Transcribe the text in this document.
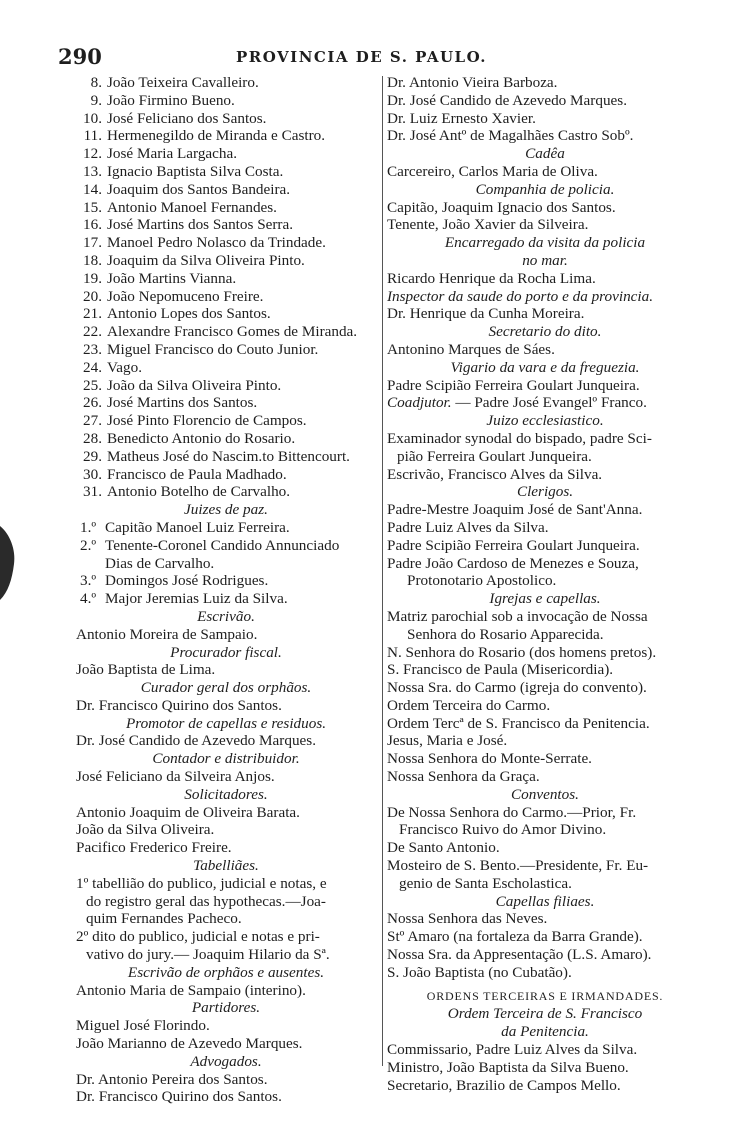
290	PROVINCIA DE S. PAULO.
8. João Teixeira Cavalleiro.
9. João Firmino Bueno.
10. José Feliciano dos Santos.
11. Hermenegildo de Miranda e Castro.
12. José Maria Largacha.
13. Ignacio Baptista Silva Costa.
14. Joaquim dos Santos Bandeira.
15. Antonio Manoel Fernandes.
16. José Martins dos Santos Serra.
17. Manoel Pedro Nolasco da Trindade.
18. Joaquim da Silva Oliveira Pinto.
19. João Martins Vianna.
20. João Nepomuceno Freire.
21. Antonio Lopes dos Santos.
22. Alexandre Francisco Gomes de Miranda.
23. Miguel Francisco do Couto Junior.
24. Vago.
25. João da Silva Oliveira Pinto.
26. José Martins dos Santos.
27. José Pinto Florencio de Campos.
28. Benedicto Antonio do Rosario.
29. Matheus José do Nascim.to Bittencourt.
30. Francisco de Paula Madhado.
31. Antonio Botelho de Carvalho.
Juizes de paz.
1.º Capitão Manoel Luiz Ferreira.
2.º Tenente-Coronel Candido Annunciado
Dias de Carvalho.
3.º Domingos José Rodrigues.
4.º Major Jeremias Luiz da Silva.
Escrivão.
Antonio Moreira de Sampaio.
Procurador fiscal.
João Baptista de Lima.
Curador geral dos orphãos.
Dr. Francisco Quirino dos Santos.
Promotor de capellas e residuos.
Dr. José Candido de Azevedo Marques.
Contador e distribuidor.
José Feliciano da Silveira Anjos.
Solicitadores.
Antonio Joaquim de Oliveira Barata.
João da Silva Oliveira.
Pacifico Frederico Freire.
Tabelliães.
1º tabellião do publico, judicial e notas, e
do registro geral das hypothecas.—Joa-
quim Fernandes Pacheco.
2º dito do publico, judicial e notas e pri-
vativo do jury.— Joaquim Hilario da Sª.
Escrivão de orphãos e ausentes.
Antonio Maria de Sampaio (interino).
Partidores.
Miguel José Florindo.
João Marianno de Azevedo Marques.
Advogados.
Dr. Antonio Pereira dos Santos.
Dr. Francisco Quirino dos Santos.
Dr. Antonio Vieira Barboza.
Dr. José Candido de Azevedo Marques.
Dr. Luiz Ernesto Xavier.
Dr. José Antº de Magalhães Castro Sobº.
Cadêa
Carcereiro, Carlos Maria de Oliva.
Companhia de policia.
Capitão, Joaquim Ignacio dos Santos.
Tenente, João Xavier da Silveira.
Encarregado da visita da policia
no mar.
Ricardo Henrique da Rocha Lima.
Inspector da saude do porto e da provincia.
Dr. Henrique da Cunha Moreira.
Secretario do dito.
Antonino Marques de Sáes.
Vigario da vara e da freguezia.
Padre Scipião Ferreira Goulart Junqueira.
Coadjutor. — Padre José Evangelº Franco.
Juizo ecclesiastico.
Examinador synodal do bispado, padre Sci-
pião Ferreira Goulart Junqueira.
Escrivão, Francisco Alves da Silva.
Clerigos.
Padre-Mestre Joaquim José de Sant'Anna.
Padre Luiz Alves da Silva.
Padre Scipião Ferreira Goulart Junqueira.
Padre João Cardoso de Menezes e Souza,
Protonotario Apostolico.
Igrejas e capellas.
Matriz parochial sob a invocação de Nossa
Senhora do Rosario Apparecida.
N. Senhora do Rosario (dos homens pretos).
S. Francisco de Paula (Misericordia).
Nossa Sra. do Carmo (igreja do convento).
Ordem Terceira do Carmo.
Ordem Tercª de S. Francisco da Penitencia.
Jesus, Maria e José.
Nossa Senhora do Monte-Serrate.
Nossa Senhora da Graça.
Conventos.
De Nossa Senhora do Carmo.—Prior, Fr.
Francisco Ruivo do Amor Divino.
De Santo Antonio.
Mosteiro de S. Bento.—Presidente, Fr. Eu-
genio de Santa Escholastica.
Capellas filiaes.
Nossa Senhora das Neves.
Stº Amaro (na fortaleza da Barra Grande).
Nossa Sra. da Appresentação (L.S. Amaro).
S. João Baptista (no Cubatão).
ORDENS TERCEIRAS E IRMANDADES.
Ordem Terceira de S. Francisco
da Penitencia.
Commissario, Padre Luiz Alves da Silva.
Ministro, João Baptista da Silva Bueno.
Secretario, Brazilio de Campos Mello.
